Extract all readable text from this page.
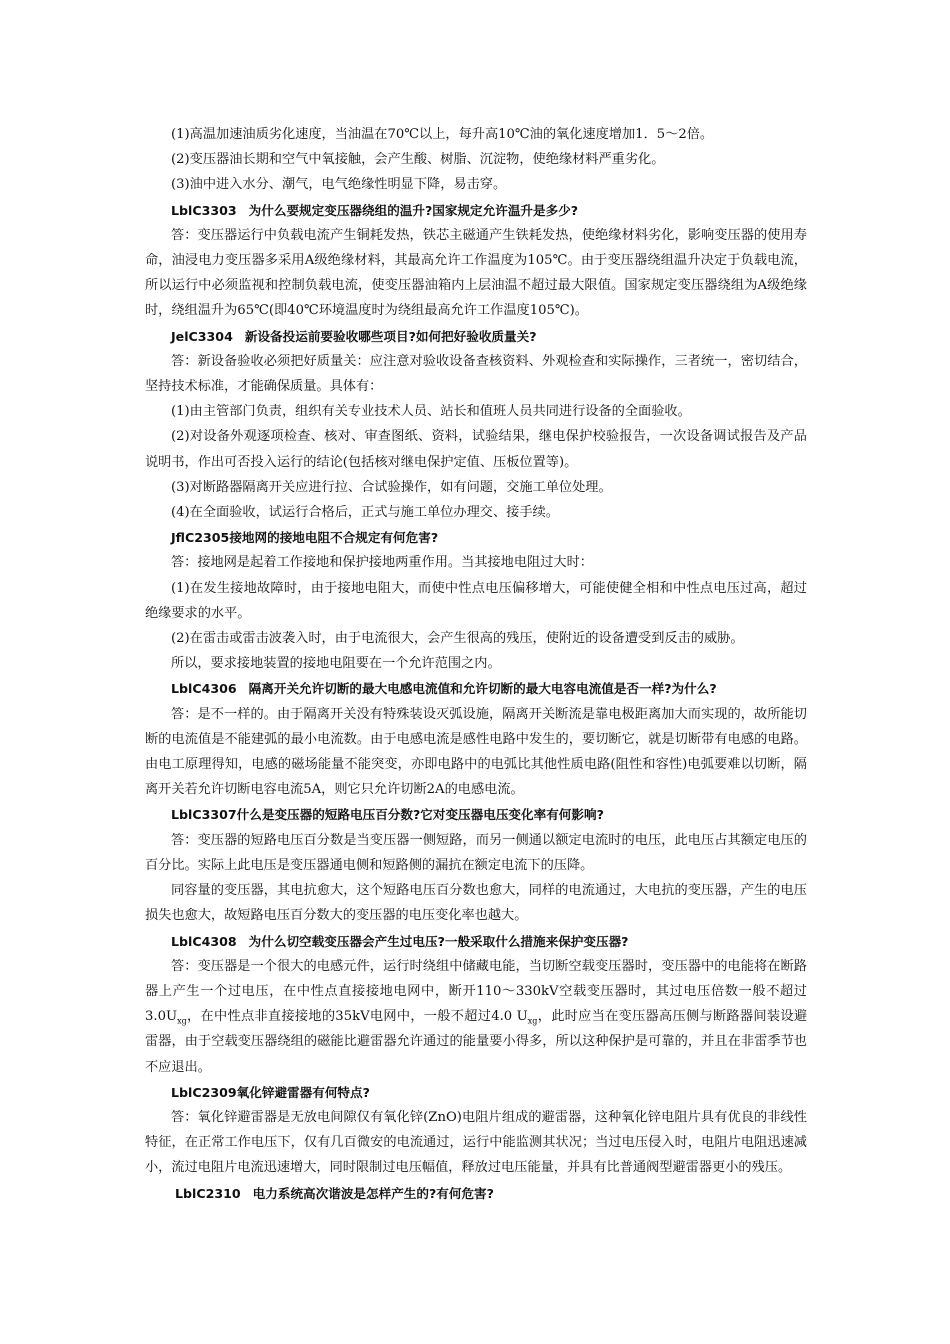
(1)高温加速油质劣化速度，当油温在70℃以上，每升高10℃油的氧化速度增加1．5～2倍。

(2)变压器油长期和空气中氧接触，会产生酸、树脂、沉淀物，使绝缘材料严重劣化。

(3)油中进入水分、潮气，电气绝缘性明显下降，易击穿。

LblC3303 为什么要规定变压器绕组的温升?国家规定允许温升是多少?

答：变压器运行中负载电流产生铜耗发热，铁芯主磁通产生铁耗发热，使绝缘材料劣化，影响变压器的使用寿命，油浸电力变压器多采用A级绝缘材料，其最高允许工作温度为105℃。由于变压器绕组温升决定于负载电流，所以运行中必须监视和控制负载电流，使变压器油箱内上层油温不超过最大限值。国家规定变压器绕组为A级绝缘时，绕组温升为65℃(即40℃环境温度时为绕组最高允许工作温度105℃)。

JelC3304 新设备投运前要验收哪些项目?如何把好验收质量关?

答：新设备验收必须把好质量关：应注意对验收设备查核资料、外观检查和实际操作，三者统一，密切结合，坚持技术标准，才能确保质量。具体有：

(1)由主管部门负责，组织有关专业技术人员、站长和值班人员共同进行设备的全面验收。

(2)对设备外观逐项检查、核对、审查图纸、资料，试验结果，继电保护校验报告，一次设备调试报告及产品说明书，作出可否投入运行的结论(包括核对继电保护定值、压板位置等)。

(3)对断路器隔离开关应进行拉、合试验操作，如有问题，交施工单位处理。

(4)在全面验收，试运行合格后，正式与施工单位办理交、接手续。

JflC2305接地网的接地电阻不合规定有何危害?

答：接地网是起着工作接地和保护接地两重作用。当其接地电阻过大时：

(1)在发生接地故障时，由于接地电阻大，而使中性点电压偏移增大，可能使健全相和中性点电压过高，超过绝缘要求的水平。

(2)在雷击或雷击波袭入时，由于电流很大，会产生很高的残压，使附近的设备遭受到反击的威胁。

所以，要求接地装置的接地电阻要在一个允许范围之内。

LblC4306 隔离开关允许切断的最大电感电流值和允许切断的最大电容电流值是否一样?为什么?

答：是不一样的。由于隔离开关没有特殊装设灭弧设施，隔离开关断流是靠电极距离加大而实现的，故所能切断的电流值是不能建弧的最小电流数。由于电感电流是感性电路中发生的，要切断它，就是切断带有电感的电路。由电工原理得知，电感的磁场能量不能突变，亦即电路中的电弧比其他性质电路(阻性和容性)电弧要难以切断，隔离开关若允许切断电容电流5A，则它只允许切断2A的电感电流。

LblC3307什么是变压器的短路电压百分数?它对变压器电压变化率有何影响?

答：变压器的短路电压百分数是当变压器一侧短路，而另一侧通以额定电流时的电压，此电压占其额定电压的百分比。实际上此电压是变压器通电侧和短路侧的漏抗在额定电流下的压降。

同容量的变压器，其电抗愈大，这个短路电压百分数也愈大，同样的电流通过，大电抗的变压器，产生的电压损失也愈大，故短路电压百分数大的变压器的电压变化率也越大。

LblC4308 为什么切空载变压器会产生过电压?一般采取什么措施来保护变压器?

答：变压器是一个很大的电感元件，运行时绕组中储藏电能，当切断空载变压器时，变压器中的电能将在断路器上产生一个过电压，在中性点直接接地电网中，断开110～330kV空载变压器时，其过电压倍数一般不超过$3.0U_{xg}$，在中性点非直接接地的35kV电网中，一般不超过4.0 $U_{xg}$，此时应当在变压器高压侧与断路器间装设避雷器，由于空载变压器绕组的磁能比避雷器允许通过的能量要小得多，所以这种保护是可靠的，并且在非雷季节也不应退出。

LblC2309氧化锌避雷器有何特点?

答：氧化锌避雷器是无放电间隙仅有氧化锌(ZnO)电阻片组成的避雷器，这种氧化锌电阻片具有优良的非线性特征，在正常工作电压下，仅有几百微安的电流通过，运行中能监测其状况；当过电压侵入时，电阻片电阻迅速减小，流过电阻片电流迅速增大，同时限制过电压幅值，释放过电压能量，并具有比普通阀型避雷器更小的残压。

LblC2310 电力系统高次谐波是怎样产生的?有何危害?
